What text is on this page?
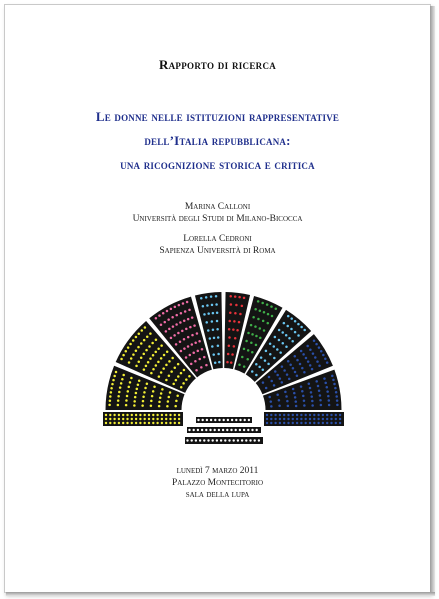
Rapporto di ricerca
Le donne nelle istituzioni rappresentative
dell’Italia repubblicana:
una ricognizione storica e critica
Marina Calloni
Università degli Studi di Milano-Bicocca
Lorella Cedroni
Sapienza Università di Roma
lunedì 7 marzo 2011
Palazzo Montecitorio
sala della lupa
